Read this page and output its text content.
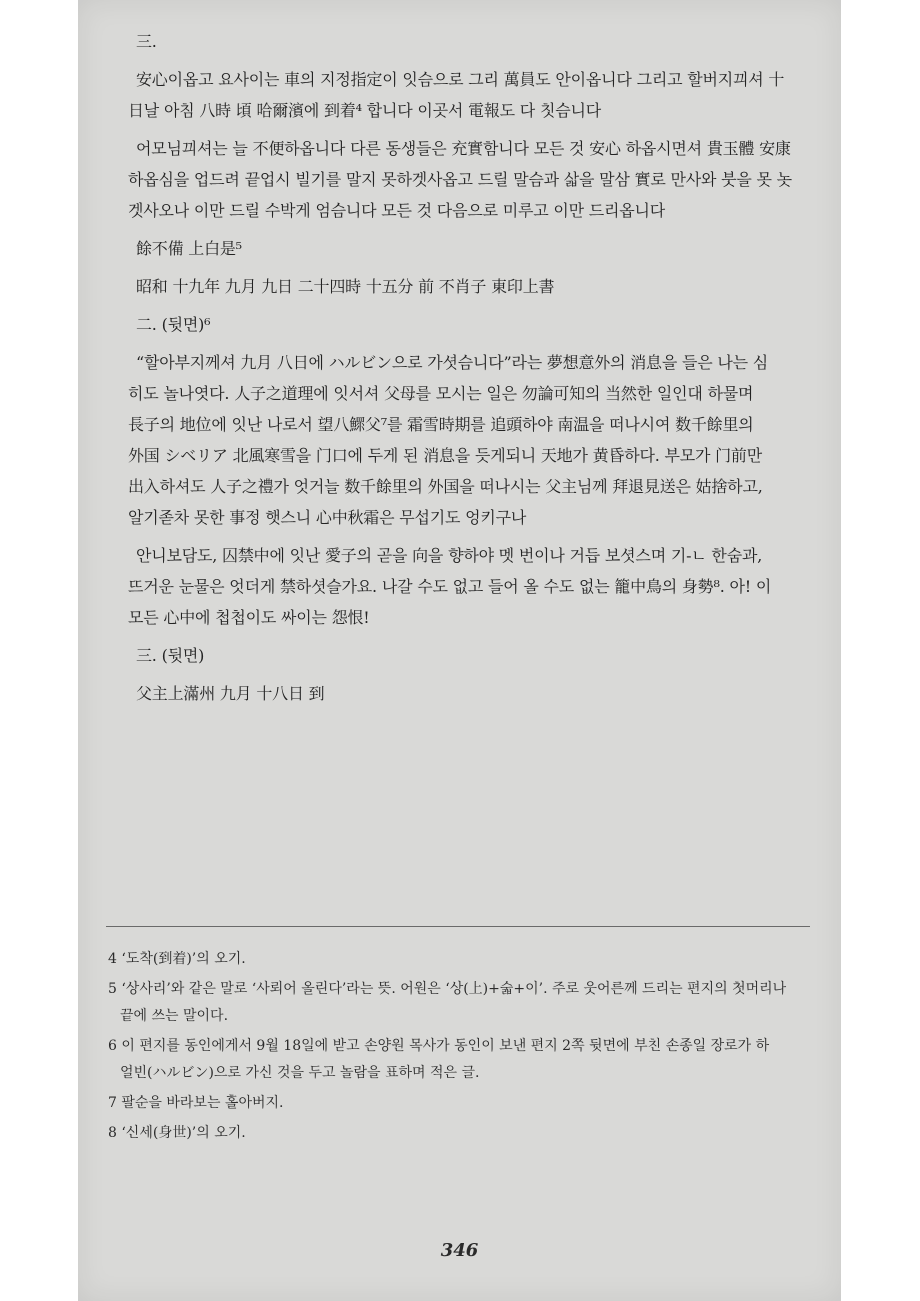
三.

安心이옵고 요사이는 車의 지정指定이 잇슴으로 그리 萬員도 안이옵니다 그리고 할버지끠셔 十
日날 아침 八時 頃 哈爾濱에 到着⁴ 합니다 이곳서 電報도 다 칫슴니다

어모님끠셔는 늘 不便하옵니다 다른 동생들은 充實함니다 모든 것 安心 하옵시면셔 貴玉體 安康
하옵심을 업드려 끝업시 빌기를 말지 못하겟사옵고 드릴 말슴과 삷을 말삼 實로 만사와 붓을 못 놋
겟사오나 이만 드릴 수박게 엄슴니다 모든 것 다음으로 미루고 이만 드리옵니다

餘不備 上白是⁵

昭和 十九年 九月 九日 二十四時 十五分 前 不肖子 東印上書

二. (뒷면)⁶

“할아부지께셔 九月 八日에 ハルビン으로 가셧슴니다”라는 夢想意外의 消息을 들은 나는 심
히도 놀나엿다. 人子之道理에 잇서셔 父母를 모시는 일은 勿論可知의 当然한 일인대 하물며
長子의 地位에 잇난 나로서 望八鰥父⁷를 霜雪時期를 追頭하야 南温을 떠나시여 数千餘里의
外国 シベリア 北風寒雪을 门口에 두게 된 消息을 듯게되니 天地가 黄昏하다. 부모가 门前만
出入하셔도 人子之禮가 엇거늘 数千餘里의 外国을 떠나시는 父主님께 拜退見送은 姑捨하고,
알기졷차 못한 事정 햇스니 心中秋霜은 무섭기도 엉키구나

안니보담도, 囚禁中에 잇난 愛子의 곧을 向을 향하야 멧 번이나 거듭 보셧스며 기-ㄴ 한숨과,
뜨거운 눈물은 엇더게 禁하셧슬가요. 나갈 수도 없고 들어 올 수도 없는 籠中鳥의 身勢⁸. 아! 이
모든 心中에 첩첩이도 싸이는 怨恨!

三. (뒷면)

父主上滿州 九月 十八日 到

4 ‘도착(到着)’의 오기.

5 ‘상사리’와 같은 말로 ‘사뢰어 올린다’라는 뜻. 어원은 ‘상(上)+숣+이’. 주로 웃어른께 드리는 편지의 첫머리나
끝에 쓰는 말이다.

6 이 편지를 동인에게서 9월 18일에 받고 손양원 목사가 동인이 보낸 편지 2쪽 뒷면에 부친 손종일 장로가 하
얼빈(ハルビン)으로 가신 것을 두고 놀람을 표하며 적은 글.

7 팔순을 바라보는 홀아버지.

8 ‘신세(身世)’의 오기.

346
